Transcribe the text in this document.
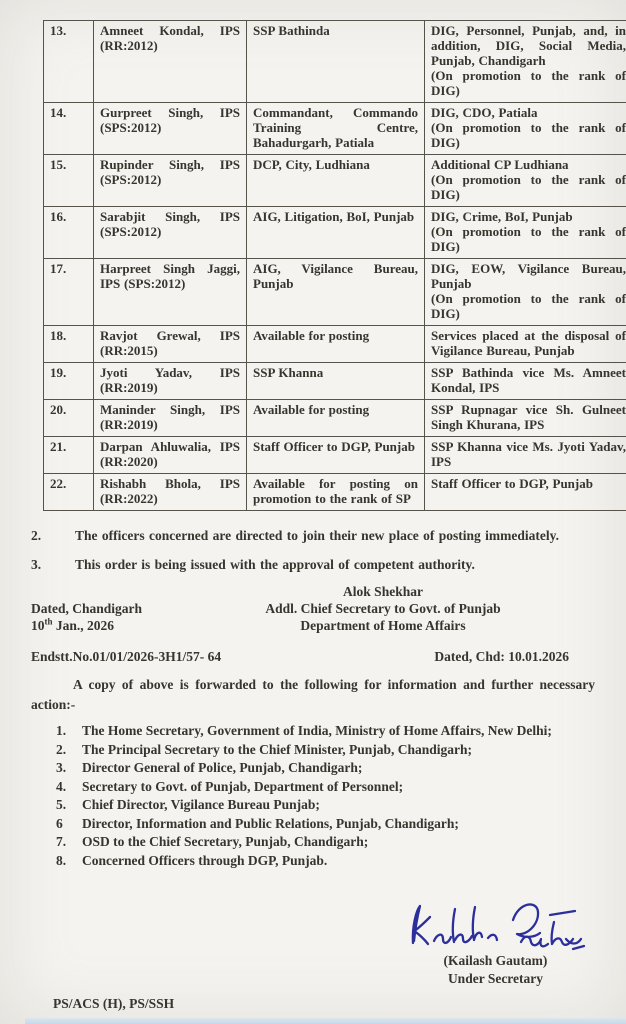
13.	Amneet Kondal, IPS (RR:2012)	SSP Bathinda	DIG, Personnel, Punjab, and, in addition, DIG, Social Media, Punjab, Chandigarh
(On promotion to the rank of DIG)

14.	Gurpreet Singh, IPS (SPS:2012)	Commandant, Commando Training Centre, Bahadurgarh, Patiala	DIG, CDO, Patiala
(On promotion to the rank of DIG)

15.	Rupinder Singh, IPS (SPS:2012)	DCP, City, Ludhiana	Additional CP Ludhiana
(On promotion to the rank of DIG)

16.	Sarabjit Singh, IPS (SPS:2012)	AIG, Litigation, BoI, Punjab	DIG, Crime, BoI, Punjab
(On promotion to the rank of DIG)

17.	Harpreet Singh Jaggi, IPS (SPS:2012)	AIG, Vigilance Bureau, Punjab	DIG, EOW, Vigilance Bureau, Punjab
(On promotion to the rank of DIG)

18.	Ravjot Grewal, IPS (RR:2015)	Available for posting	Services placed at the disposal of Vigilance Bureau, Punjab

19.	Jyoti Yadav, IPS (RR:2019)	SSP Khanna	SSP Bathinda vice Ms. Amneet Kondal, IPS

20.	Maninder Singh, IPS (RR:2019)	Available for posting	SSP Rupnagar vice Sh. Gulneet Singh Khurana, IPS

21.	Darpan Ahluwalia, IPS (RR:2020)	Staff Officer to DGP, Punjab	SSP Khanna vice Ms. Jyoti Yadav, IPS

22.	Rishabh Bhola, IPS (RR:2022)	Available for posting on promotion to the rank of SP	Staff Officer to DGP, Punjab

2.	The officers concerned are directed to join their new place of posting immediately.

3.	This order is being issued with the approval of competent authority.

Dated, Chandigarh
10th Jan., 2026
Alok Shekhar
Addl. Chief Secretary to Govt. of Punjab
Department of Home Affairs
Endstt.No.01/01/2026-3H1/57- 64	Dated, Chd: 10.01.2026

A copy of above is forwarded to the following for information and further necessary action:-

1.	The Home Secretary, Government of India, Ministry of Home Affairs, New Delhi;
2.	The Principal Secretary to the Chief Minister, Punjab, Chandigarh;
3.	Director General of Police, Punjab, Chandigarh;
4.	Secretary to Govt. of Punjab, Department of Personnel;
5.	Chief Director, Vigilance Bureau Punjab;
6	Director, Information and Public Relations, Punjab, Chandigarh;
7.	OSD to the Chief Secretary, Punjab, Chandigarh;
8.	Concerned Officers through DGP, Punjab.
(Kailash Gautam)
Under Secretary
PS/ACS (H), PS/SSH
